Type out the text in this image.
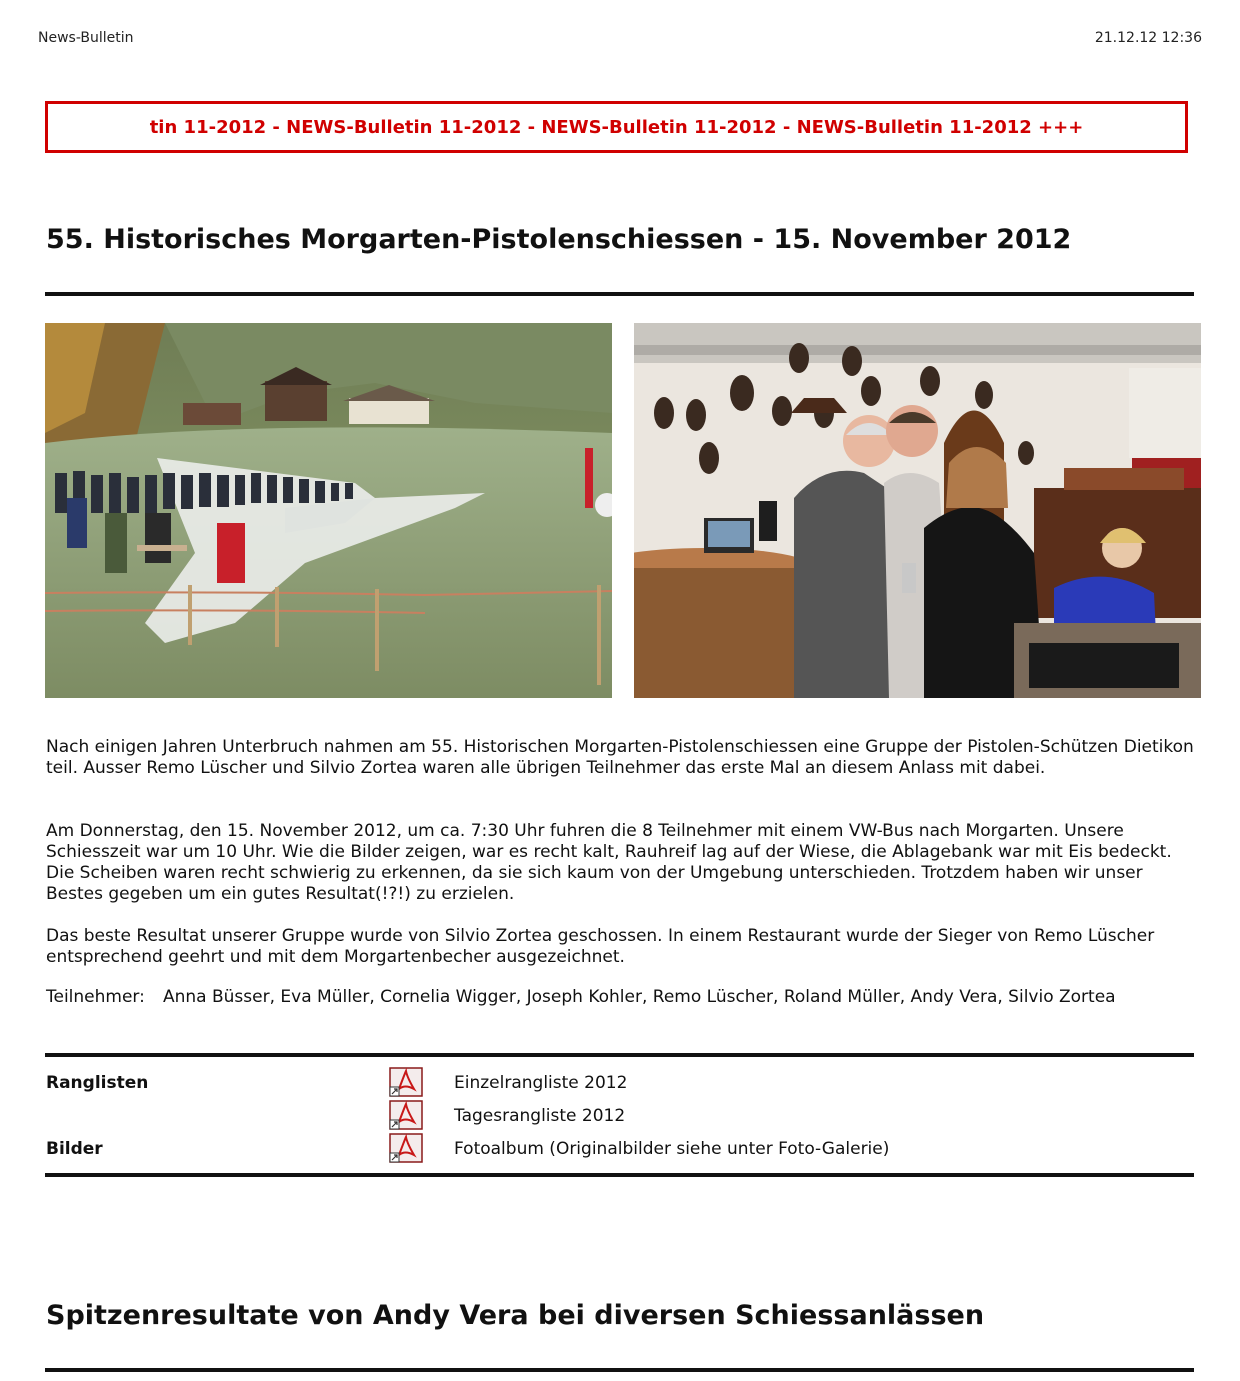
News-Bulletin	21.12.12 12:36
tin 11-2012 - NEWS-Bulletin 11-2012 - NEWS-Bulletin 11-2012 - NEWS-Bulletin 11-2012 +++
55. Historisches Morgarten-Pistolenschiessen - 15. November 2012
Nach einigen Jahren Unterbruch nahmen am 55. Historischen Morgarten-Pistolenschiessen eine Gruppe der Pistolen-Schützen Dietikon teil. Ausser Remo Lüscher und Silvio Zortea waren alle übrigen Teilnehmer das erste Mal an diesem Anlass mit dabei.
Am Donnerstag, den 15. November 2012, um ca. 7:30 Uhr fuhren die 8 Teilnehmer mit einem VW-Bus nach Morgarten. Unsere Schiesszeit war um 10 Uhr. Wie die Bilder zeigen, war es recht kalt, Rauhreif lag auf der Wiese, die Ablagebank war mit Eis bedeckt. Die Scheiben waren recht schwierig zu erkennen, da sie sich kaum von der Umgebung unterschieden. Trotzdem haben wir unser Bestes gegeben um ein gutes Resultat(!?!) zu erzielen.
Das beste Resultat unserer Gruppe wurde von Silvio Zortea geschossen. In einem Restaurant wurde der Sieger von Remo Lüscher entsprechend geehrt und mit dem Morgartenbecher ausgezeichnet.
Teilnehmer: Anna Büsser, Eva Müller, Cornelia Wigger, Joseph Kohler, Remo Lüscher, Roland Müller, Andy Vera, Silvio Zortea
Ranglisten
Bilder
Einzelrangliste 2012
Tagesrangliste 2012
Fotoalbum (Originalbilder siehe unter Foto-Galerie)
Spitzenresultate von Andy Vera bei diversen Schiessanlässen
